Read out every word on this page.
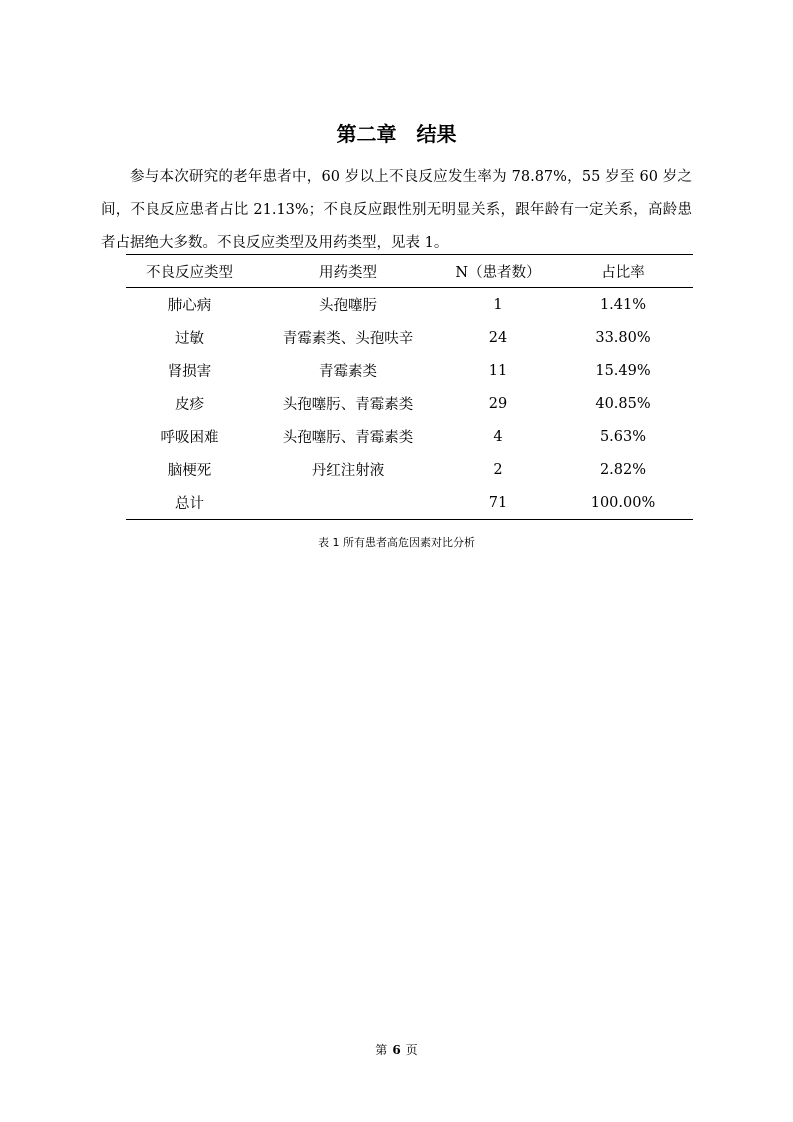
第二章　结果

参与本次研究的老年患者中，60 岁以上不良反应发生率为 78.87%，55 岁至 60 岁之间，不良反应患者占比 21.13%；不良反应跟性别无明显关系，跟年龄有一定关系，高龄患者占据绝大多数。不良反应类型及用药类型，见表 1。

不良反应类型	用药类型	N（患者数）	占比率
肺心病	头孢噻肟	1	1.41%
过敏	青霉素类、头孢呋辛	24	33.80%
肾损害	青霉素类	11	15.49%
皮疹	头孢噻肟、青霉素类	29	40.85%
呼吸困难	头孢噻肟、青霉素类	4	5.63%
脑梗死	丹红注射液	2	2.82%
总计		71	100.00%
表 1 所有患者高危因素对比分析
第 6 页
